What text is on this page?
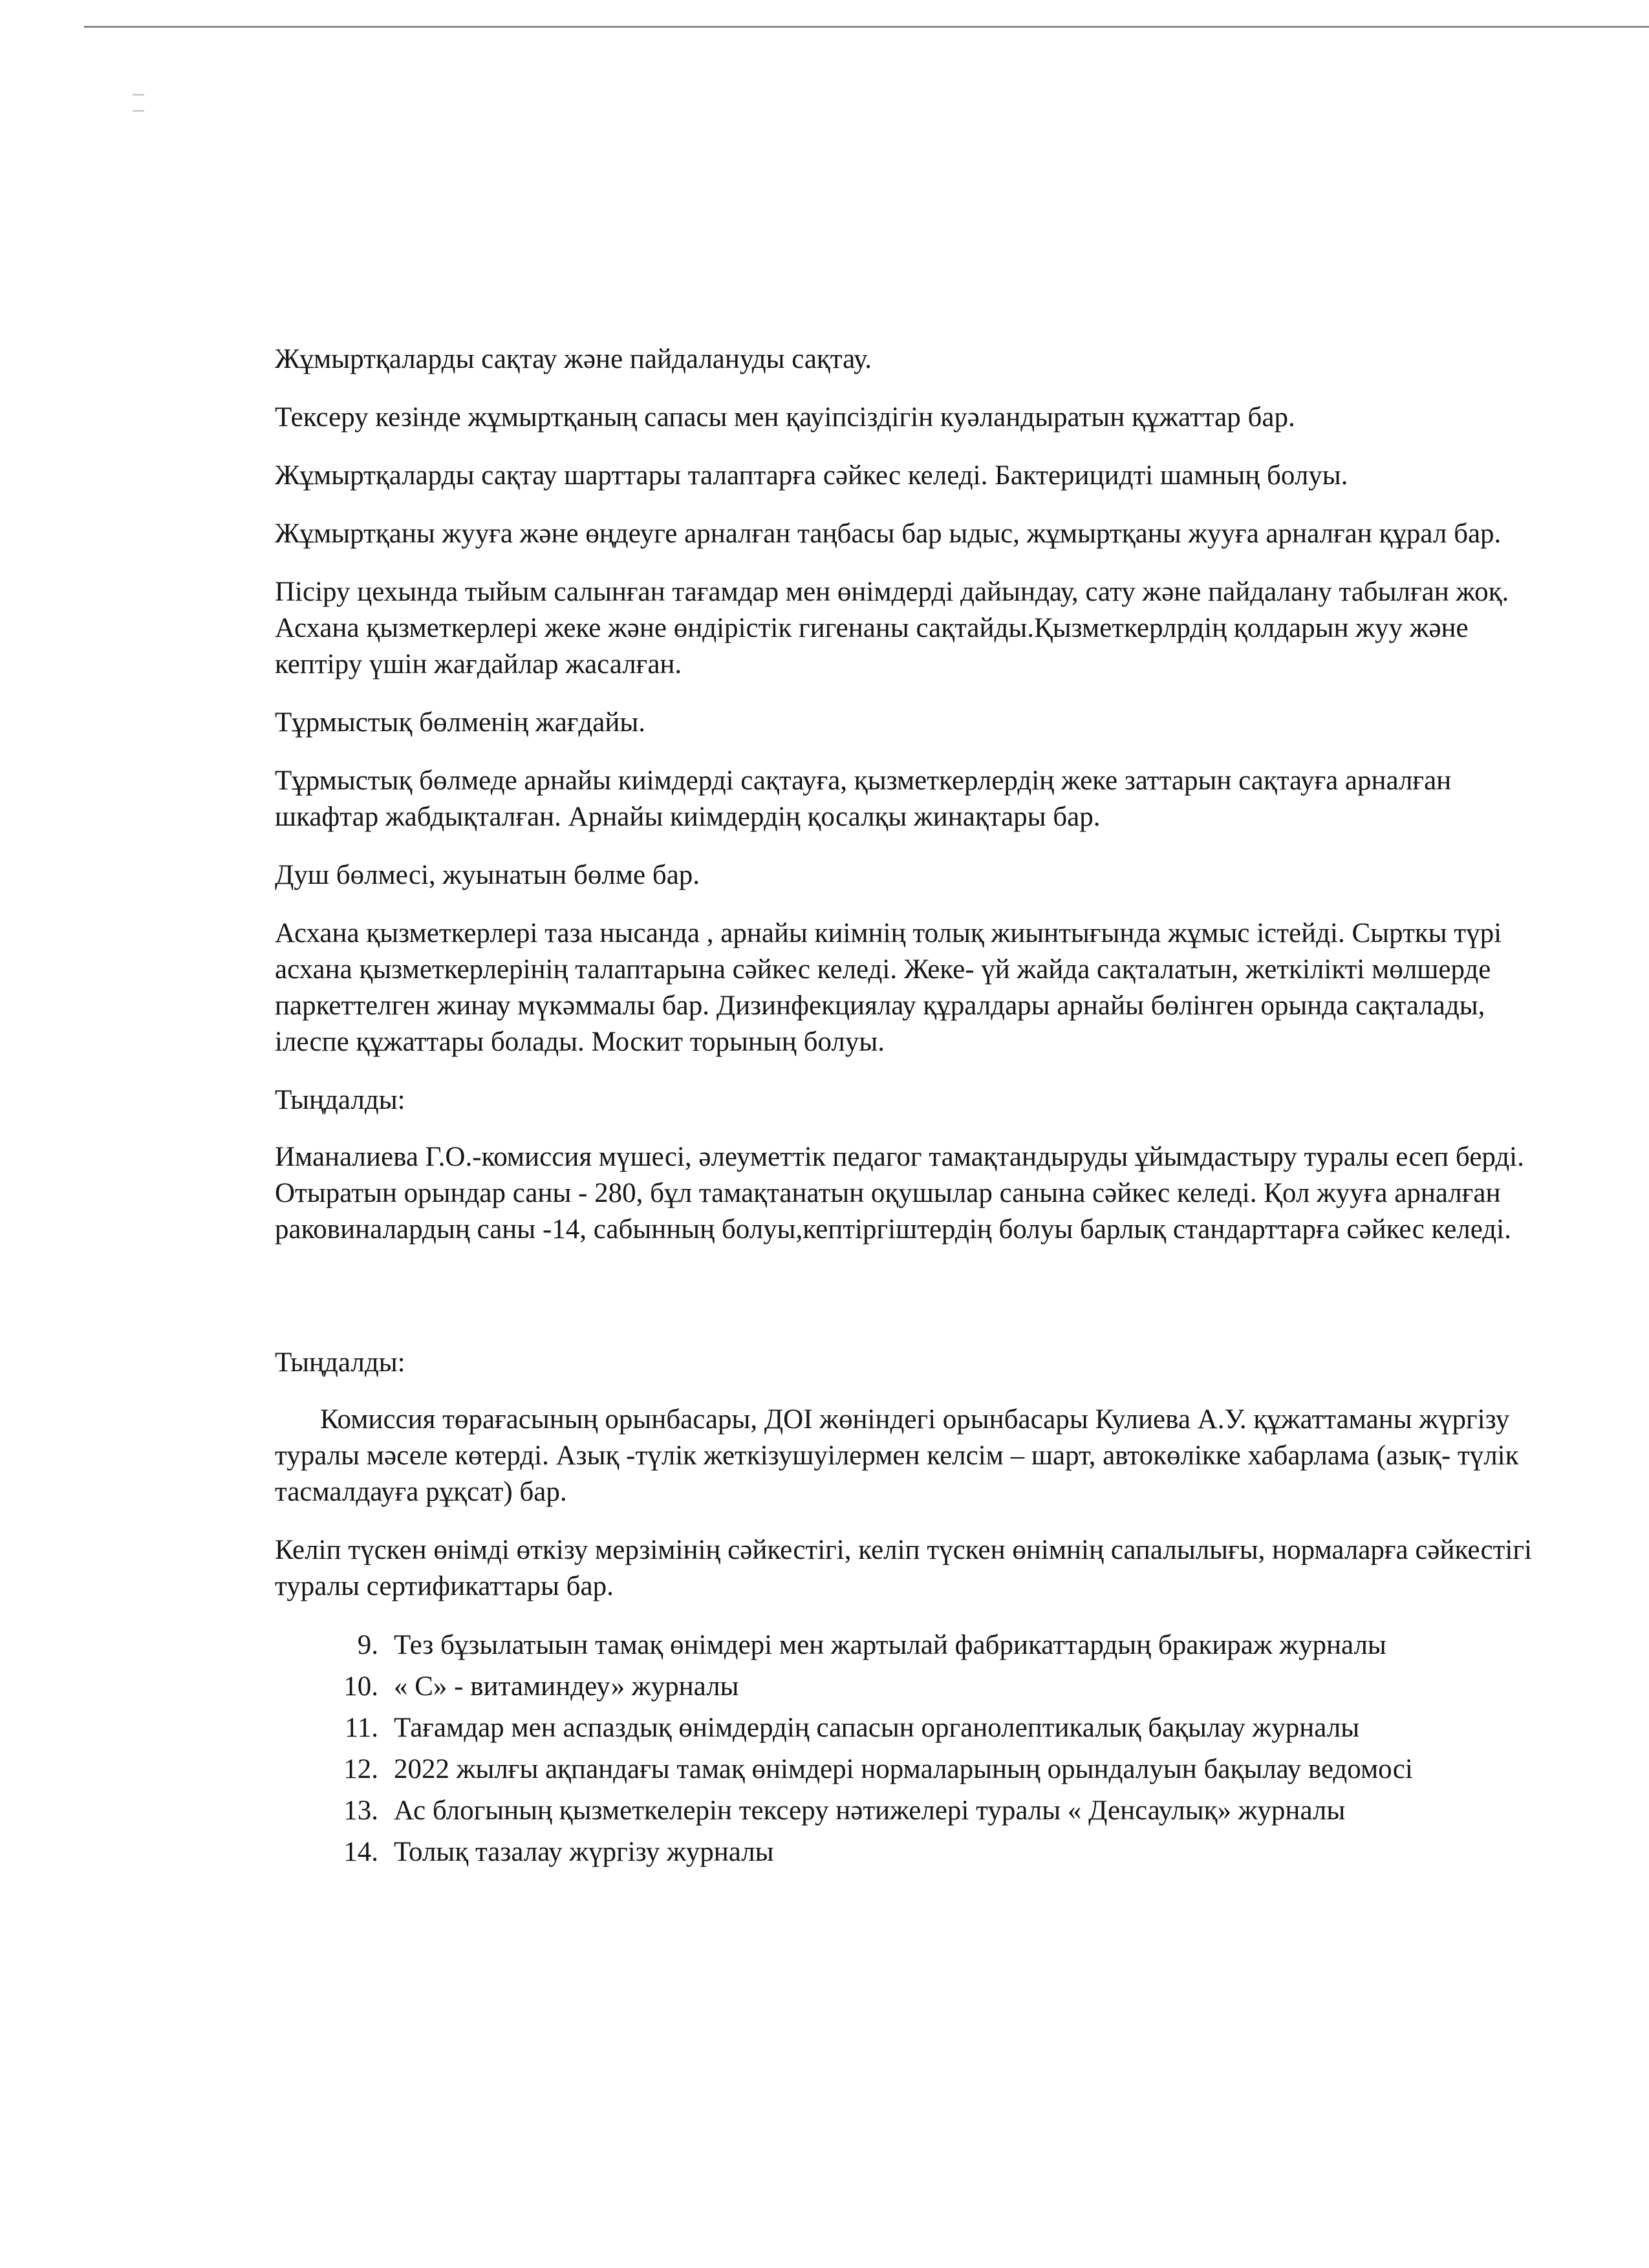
Жұмыртқаларды сақтау және пайдалануды сақтау.

Тексеру кезінде жұмыртқаның сапасы мен қауіпсіздігін куәландыратын құжаттар бар.

Жұмыртқаларды сақтау шарттары талаптарға сәйкес келеді. Бактерицидті шамның болуы.

Жұмыртқаны жууға және өңдеуге арналған таңбасы бар ыдыс, жұмыртқаны жууға арналған құрал бар.

Пісіру цехында тыйым салынған тағамдар мен өнімдерді дайындау, сату және пайдалану табылған жоқ. Асхана қызметкерлері жеке және өндірістік гигенаны сақтайды.Қызметкерлрдің қолдарын жуу және кептіру үшін жағдайлар жасалған.

Тұрмыстық бөлменің жағдайы.

Тұрмыстық бөлмеде арнайы киімдерді сақтауға, қызметкерлердің жеке заттарын сақтауға арналған шкафтар жабдықталған. Арнайы киімдердің қосалқы жинақтары бар.

Душ бөлмесі, жуынатын бөлме бар.

Асхана қызметкерлері таза нысанда , арнайы киімнің толық жиынтығында жұмыс істейді. Сырткы түрі асхана қызметкерлерінің талаптарына сәйкес келеді. Жеке- үй жайда сақталатын, жеткілікті мөлшерде паркеттелген жинау мүкәммалы бар. Дизинфекциялау құралдары арнайы бөлінген орында сақталады, ілеспе құжаттары болады. Москит торының болуы.

Тыңдалды:

Иманалиева Г.О.-комиссия мүшесі, әлеуметтік педагог тамақтандыруды ұйымдастыру туралы есеп берді. Отыратын орындар саны - 280, бұл тамақтанатын оқушылар санына сәйкес келеді. Қол жууға арналған раковиналардың саны -14, сабынның болуы,кептіргіштердің болуы барлық стандарттарға сәйкес келеді.

Тыңдалды:

Комиссия төрағасының орынбасары, ДОІ жөніндегі орынбасары Кулиева А.У. құжаттаманы жүргізу туралы мәселе көтерді. Азық -түлік жеткізушуілермен келсім – шарт, автокөлікке хабарлама (азық- түлік тасмалдауға рұқсат) бар.

Келіп түскен өнімді өткізу мерзімінің сәйкестігі, келіп түскен өнімнің сапалылығы, нормаларға сәйкестігі туралы сертификаттары бар.

9. Тез бұзылатыын тамақ өнімдері мен жартылай фабрикаттардың бракираж журналы
10. « С» - витаминдеу» журналы
11. Тағамдар мен аспаздық өнімдердің сапасын органолептикалық бақылау журналы
12. 2022 жылғы ақпандағы тамақ өнімдері нормаларының орындалуын бақылау ведомосі
13. Ас блогының қызметкелерін тексеру нәтижелері туралы « Денсаулық» журналы
14. Толық тазалау жүргізу журналы
